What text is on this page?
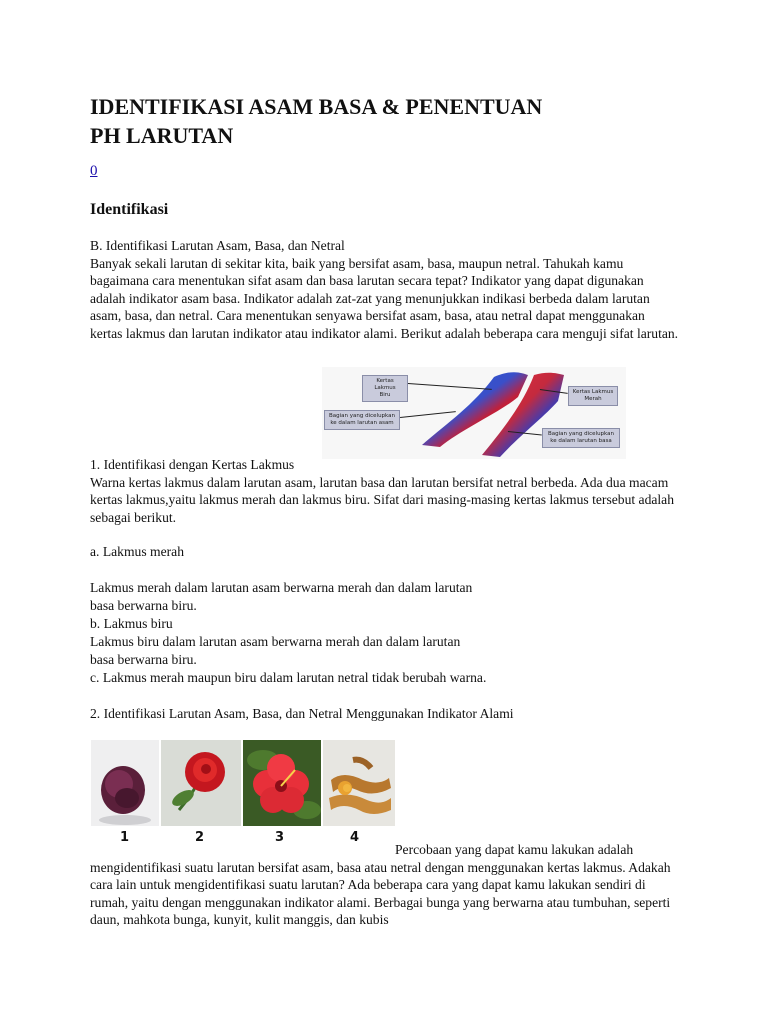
IDENTIFIKASI ASAM BASA & PENENTUAN
PH LARUTAN
0
Identifikasi
B. Identifikasi Larutan Asam, Basa, dan Netral
Banyak sekali larutan di sekitar kita, baik yang bersifat asam, basa, maupun netral. Tahukah kamu bagaimana cara menentukan sifat asam dan basa larutan secara tepat? Indikator yang dapat digunakan adalah indikator asam basa. Indikator adalah zat-zat yang menunjukkan indikasi berbeda dalam larutan asam, basa, dan netral. Cara menentukan senyawa bersifat asam, basa, atau netral dapat menggunakan kertas lakmus dan larutan indikator atau indikator alami. Berikut adalah beberapa cara menguji sifat larutan.
Kertas Lakmus
Biru	Kertas Lakmus
Merah
Bagian yang dicelupkan
ke dalam larutan asam
Bagian yang dicelupkan
ke dalam larutan basa
1. Identifikasi dengan Kertas Lakmus
Warna kertas lakmus dalam larutan asam, larutan basa dan larutan bersifat netral berbeda. Ada dua macam kertas lakmus,yaitu lakmus merah dan lakmus biru. Sifat dari masing-masing kertas lakmus tersebut adalah sebagai berikut.

a. Lakmus merah

Lakmus merah dalam larutan asam berwarna merah dan dalam larutan

basa berwarna biru.

b. Lakmus biru

Lakmus biru dalam larutan asam berwarna merah dan dalam larutan

basa berwarna biru.

c. Lakmus merah maupun biru dalam larutan netral tidak berubah warna.

2. Identifikasi Larutan Asam, Basa, dan Netral Menggunakan Indikator Alami

1	2	3	4
Percobaan yang dapat kamu lakukan adalah mengidentifikasi suatu larutan bersifat asam, basa atau netral dengan menggunakan kertas lakmus. Adakah cara lain untuk mengidentifikasi suatu larutan? Ada beberapa cara yang dapat kamu lakukan sendiri di rumah, yaitu dengan menggunakan indikator alami. Berbagai bunga yang berwarna atau tumbuhan, seperti daun, mahkota bunga, kunyit, kulit manggis, dan kubis
